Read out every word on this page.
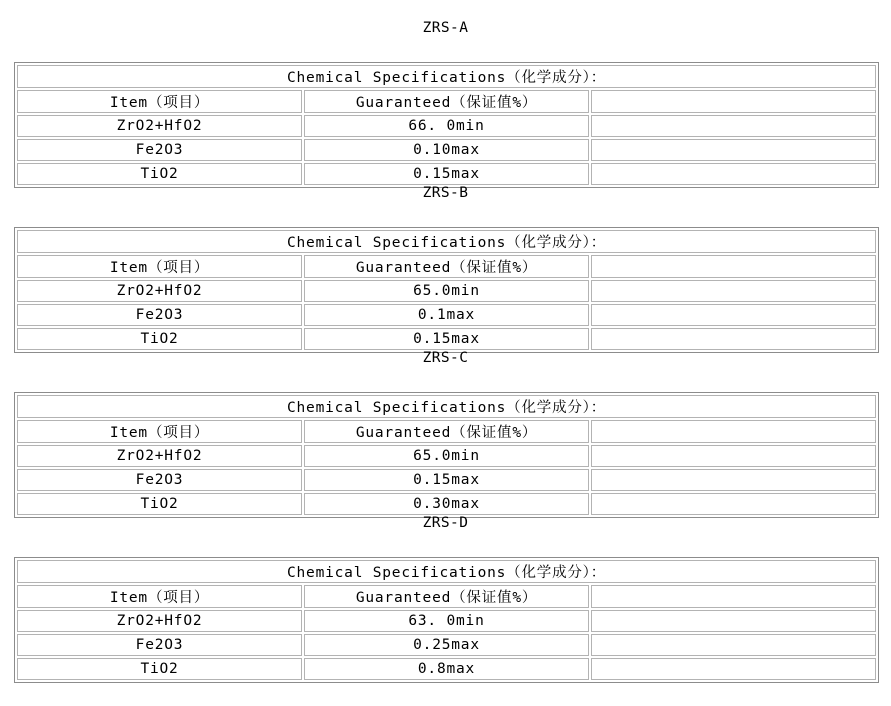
ZRS-A
Chemical Specifications（化学成分）：		
Item（项目）	Guaranteed（保证值%）	
ZrO2+HfO2	66. 0min	
Fe2O3	0.10max	
TiO2	0.15max	
ZRS-B
Chemical Specifications（化学成分）：		
Item（项目）	Guaranteed（保证值%）	
ZrO2+HfO2	65.0min	
Fe2O3	0.1max	
TiO2	0.15max	
ZRS-C
Chemical Specifications（化学成分）：		
Item（项目）	Guaranteed（保证值%）	
ZrO2+HfO2	65.0min	
Fe2O3	0.15max	
TiO2	0.30max	
ZRS-D
Chemical Specifications（化学成分）：		
Item（项目）	Guaranteed（保证值%）	
ZrO2+HfO2	63. 0min	
Fe2O3	0.25max	
TiO2	0.8max	
